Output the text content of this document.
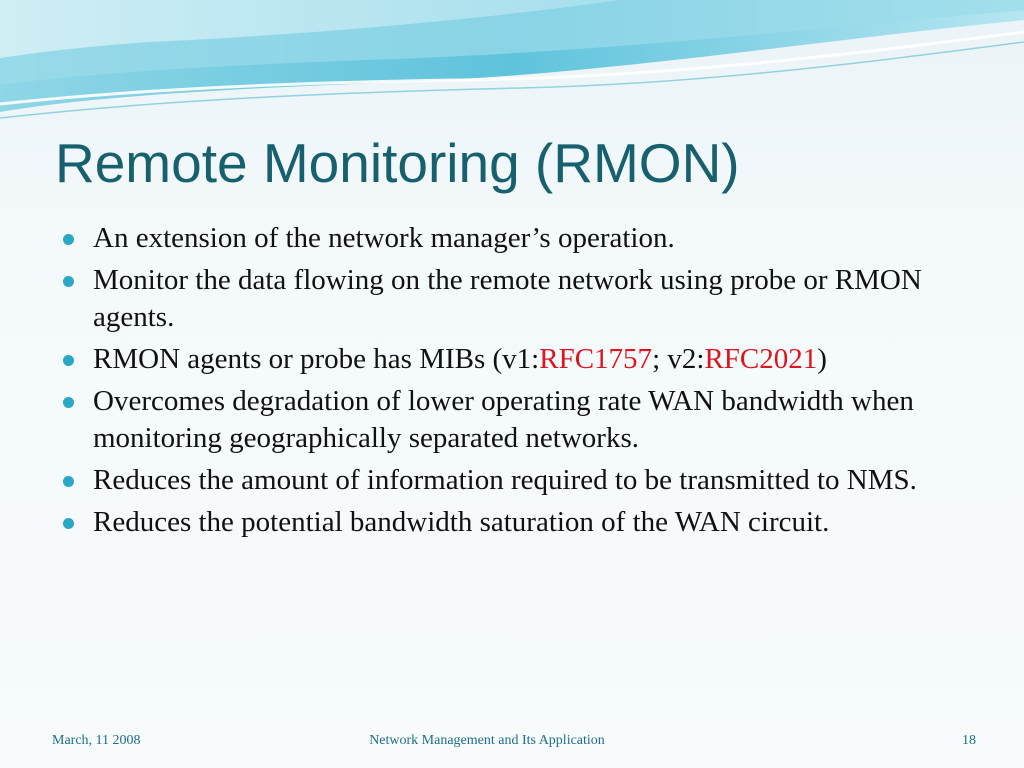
Remote Monitoring (RMON)
An extension of the network manager’s operation.
Monitor the data flowing on the remote network using probe or RMON agents.
RMON agents or probe has MIBs (v1:RFC1757; v2:RFC2021)
Overcomes degradation of lower operating rate WAN bandwidth when monitoring geographically separated networks.
Reduces the amount of information required to be transmitted to NMS.
Reduces the potential bandwidth saturation of the WAN circuit.
March, 11 2008	Network Management and Its Application	18
